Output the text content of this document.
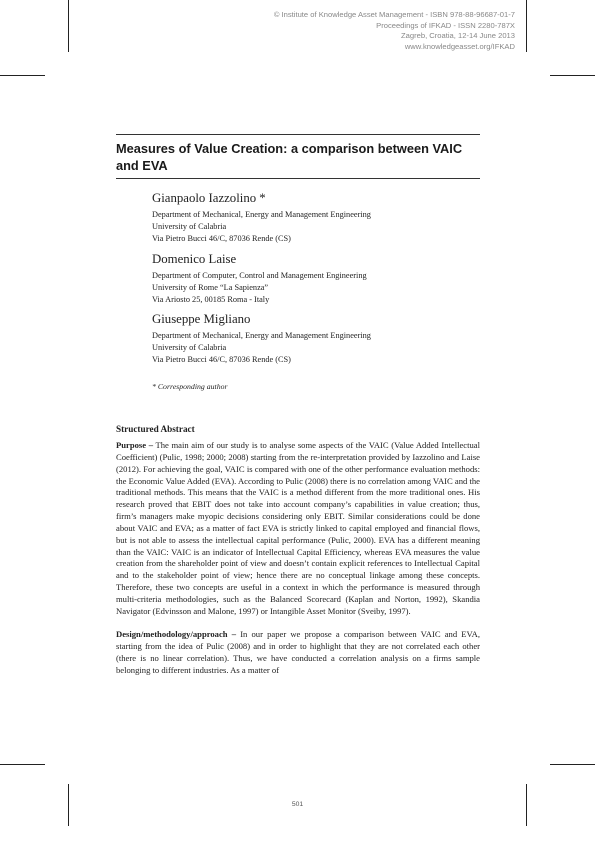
© Institute of Knowledge Asset Management - ISBN 978-88-96687-01-7
Proceedings of IFKAD - ISSN 2280-787X
Zagreb, Croatia, 12-14 June 2013
www.knowledgeasset.org/IFKAD
Measures of Value Creation: a comparison between VAIC and EVA
Gianpaolo Iazzolino *
Department of Mechanical, Energy and Management Engineering
University of Calabria
Via Pietro Bucci 46/C, 87036 Rende (CS)
Domenico Laise
Department of Computer, Control and Management Engineering
University of Rome “La Sapienza”
Via Ariosto 25, 00185 Roma - Italy
Giuseppe Migliano
Department of Mechanical, Energy and Management Engineering
University of Calabria
Via Pietro Bucci 46/C, 87036 Rende (CS)
* Corresponding author
Structured Abstract
Purpose – The main aim of our study is to analyse some aspects of the VAIC (Value Added Intellectual Coefficient) (Pulic, 1998; 2000; 2008) starting from the re-interpretation provided by Iazzolino and Laise (2012). For achieving the goal, VAIC is compared with one of the other performance evaluation methods: the Economic Value Added (EVA). According to Pulic (2008) there is no correlation among VAIC and the traditional methods. This means that the VAIC is a method different from the more traditional ones. His research proved that EBIT does not take into account company’s capabilities in value creation; thus, firm’s managers make myopic decisions considering only EBIT. Similar considerations could be done about VAIC and EVA; as a matter of fact EVA is strictly linked to capital employed and financial flows, but is not able to assess the intellectual capital performance (Pulic, 2000). EVA has a different meaning than the VAIC: VAIC is an indicator of Intellectual Capital Efficiency, whereas EVA measures the value creation from the shareholder point of view and doesn’t contain explicit references to Intellectual Capital and to the stakeholder point of view; hence there are no conceptual linkage among these concepts. Therefore, these two concepts are useful in a context in which the performance is measured through multi-criteria methodologies, such as the Balanced Scorecard (Kaplan and Norton, 1992), Skandia Navigator (Edvinsson and Malone, 1997) or Intangible Asset Monitor (Sveiby, 1997).
Design/methodology/approach – In our paper we propose a comparison between VAIC and EVA, starting from the idea of Pulic (2008) and in order to highlight that they are not correlated each other (there is no linear correlation). Thus, we have conducted a correlation analysis on a firms sample belonging to different industries. As a matter of
501
